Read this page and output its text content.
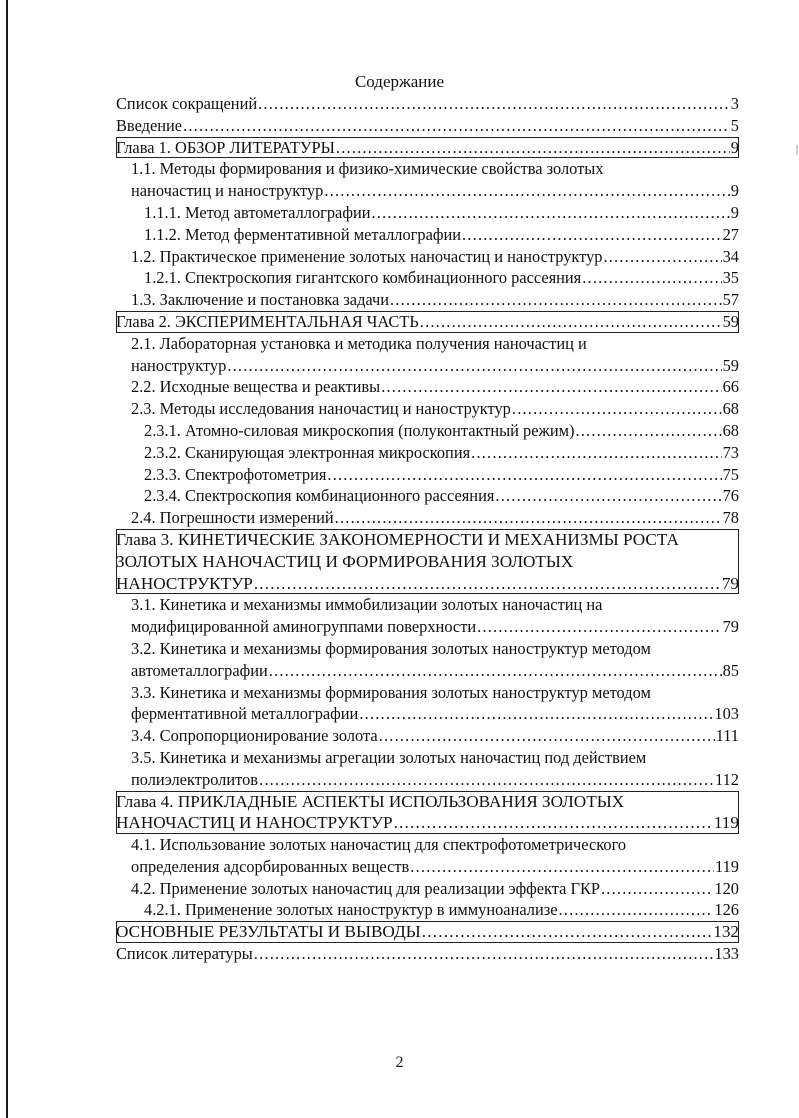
Содержание
Список сокращений .....	3
Введение .....	5
Глава 1. ОБЗОР ЛИТЕРАТУРЫ .....	9
1.1. Методы формирования и физико-химические свойства золотых
наночастиц и наноструктур .....	9
1.1.1. Метод автометаллографии .....	9
1.1.2. Метод ферментативной металлографии .....	27
1.2. Практическое применение золотых наночастиц и наноструктур .....	34
1.2.1. Спектроскопия гигантского комбинационного рассеяния .....	35
1.3. Заключение и постановка задачи .....	57
Глава 2. ЭКСПЕРИМЕНТАЛЬНАЯ ЧАСТЬ .....	59
2.1. Лабораторная установка и методика получения наночастиц и
наноструктур .....	59
2.2. Исходные вещества и реактивы .....	66
2.3. Методы исследования наночастиц и наноструктур .....	68
2.3.1. Атомно-силовая микроскопия (полуконтактный режим) .....	68
2.3.2. Сканирующая электронная микроскопия .....	73
2.3.3. Спектрофотометрия .....	75
2.3.4. Спектроскопия комбинационного рассеяния .....	76
2.4. Погрешности измерений .....	78
Глава 3. КИНЕТИЧЕСКИЕ ЗАКОНОМЕРНОСТИ И МЕХАНИЗМЫ РОСТА ЗОЛОТЫХ НАНОЧАСТИЦ И ФОРМИРОВАНИЯ ЗОЛОТЫХ
НАНОСТРУКТУР .....	79
3.1. Кинетика и механизмы иммобилизации золотых наночастиц на
модифицированной аминогруппами поверхности .....	79
3.2. Кинетика и механизмы формирования золотых наноструктур методом
автометаллографии .....	85
3.3. Кинетика и механизмы формирования золотых наноструктур методом
ферментативной металлографии .....	103
3.4. Сопропорционирование золота .....	111
3.5. Кинетика и механизмы агрегации золотых наночастиц под действием
полиэлектролитов .....	112
Глава 4. ПРИКЛАДНЫЕ АСПЕКТЫ ИСПОЛЬЗОВАНИЯ ЗОЛОТЫХ
НАНОЧАСТИЦ И НАНОСТРУКТУР .....	119
4.1. Использование золотых наночастиц для спектрофотометрического
определения адсорбированных веществ .....	119
4.2. Применение золотых наночастиц для реализации эффекта ГКР .....	120
4.2.1. Применение золотых наноструктур в иммуноанализе .....	126
ОСНОВНЫЕ РЕЗУЛЬТАТЫ И ВЫВОДЫ .....	132
Список литературы .....	133
2
